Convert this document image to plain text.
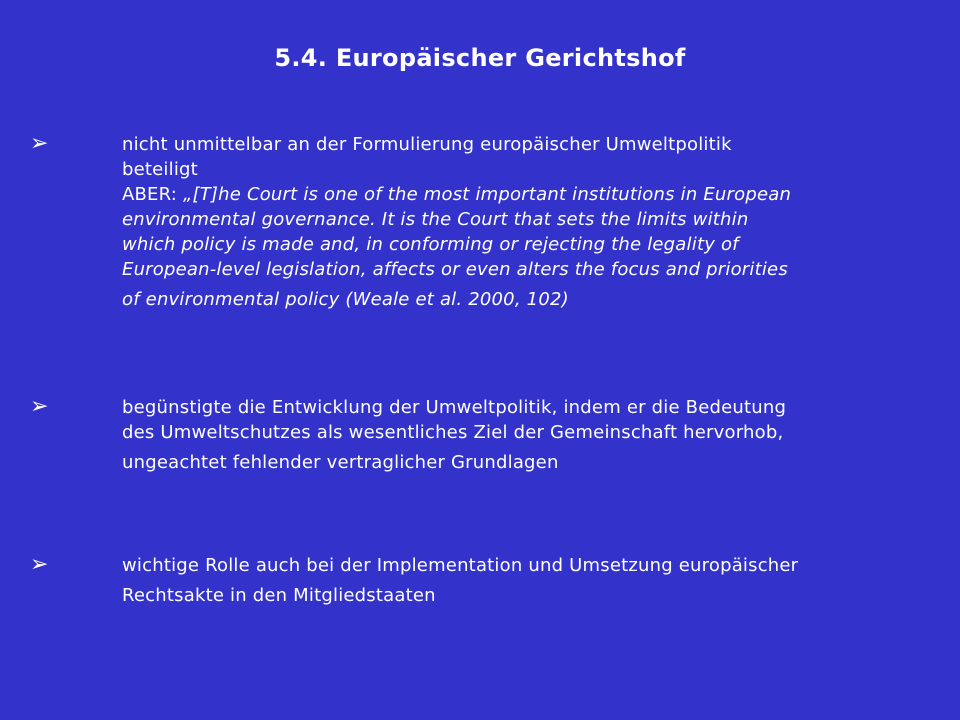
5.4. Europäischer Gerichtshof
➢	nicht unmittelbar an der Formulierung europäischer Umweltpolitik
beteiligt
ABER: „[T]he Court is one of the most important institutions in European
environmental governance. It is the Court that sets the limits within
which policy is made and, in conforming or rejecting the legality of
European-level legislation, affects or even alters the focus and priorities
of environmental policy (Weale et al. 2000, 102)
➢	begünstigte die Entwicklung der Umweltpolitik, indem er die Bedeutung
des Umweltschutzes als wesentliches Ziel der Gemeinschaft hervorhob,
ungeachtet fehlender vertraglicher Grundlagen
➢	wichtige Rolle auch bei der Implementation und Umsetzung europäischer
Rechtsakte in den Mitgliedstaaten
